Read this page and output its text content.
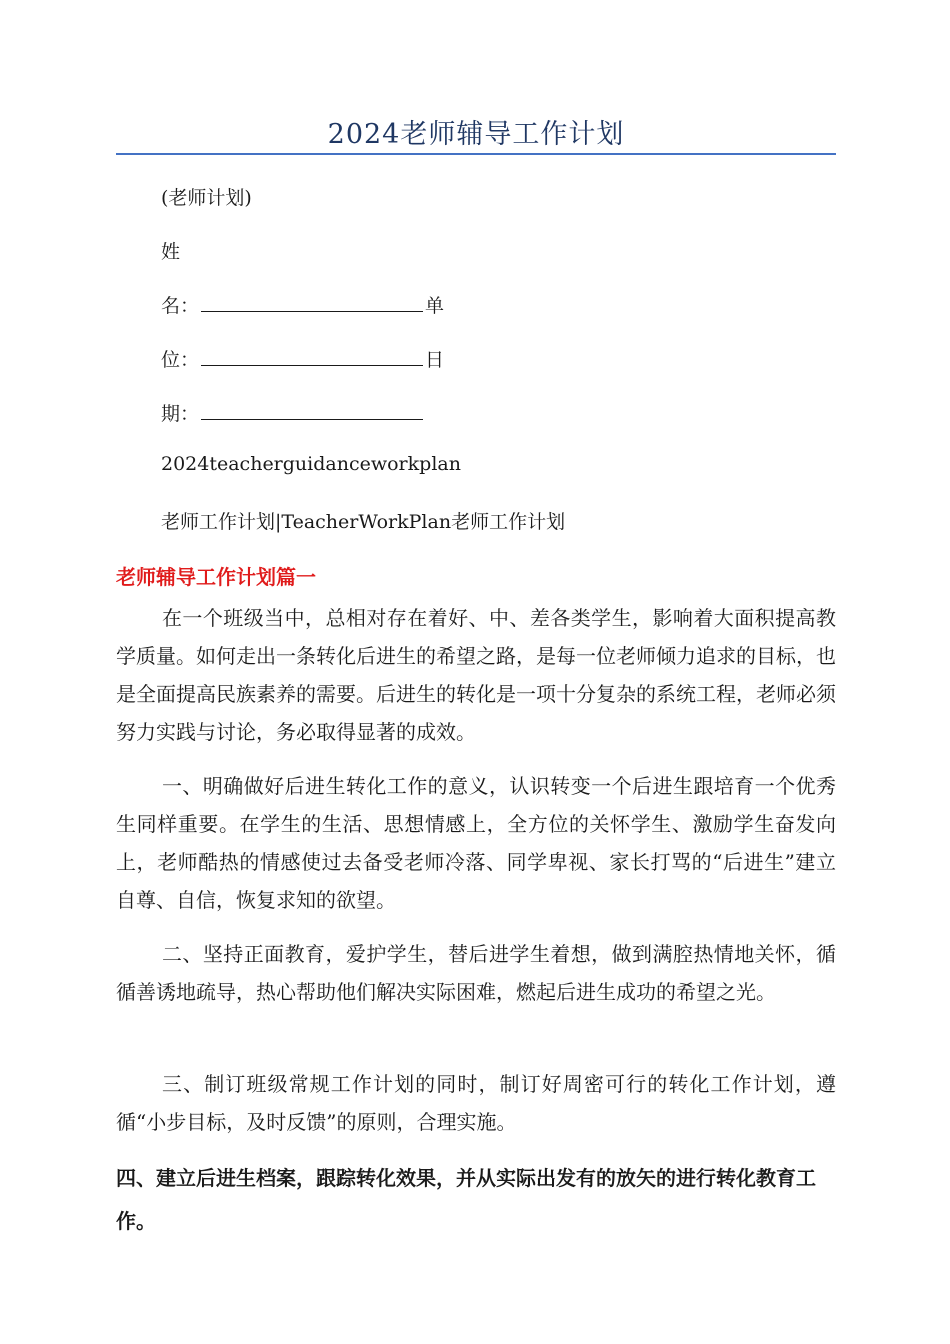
2024老师辅导工作计划
(老师计划)
姓
名：	单
位：	日
期：
2024teacherguidanceworkplan
老师工作计划|TeacherWorkPlan老师工作计划
老师辅导工作计划篇一

在一个班级当中，总相对存在着好、中、差各类学生，影响着大面积提高教学质量。如何走出一条转化后进生的希望之路，是每一位老师倾力追求的目标，也是全面提高民族素养的需要。后进生的转化是一项十分复杂的系统工程，老师必须努力实践与讨论，务必取得显著的成效。

一、明确做好后进生转化工作的意义，认识转变一个后进生跟培育一个优秀生同样重要。在学生的生活、思想情感上，全方位的关怀学生、激励学生奋发向上，老师酷热的情感使过去备受老师冷落、同学卑视、家长打骂的“后进生”建立自尊、自信，恢复求知的欲望。

二、坚持正面教育，爱护学生，替后进学生着想，做到满腔热情地关怀，循循善诱地疏导，热心帮助他们解决实际困难，燃起后进生成功的希望之光。

三、制订班级常规工作计划的同时，制订好周密可行的转化工作计划，遵循“小步目标，及时反馈”的原则，合理实施。

四、建立后进生档案，跟踪转化效果，并从实际出发有的放矢的进行转化教育工作。
